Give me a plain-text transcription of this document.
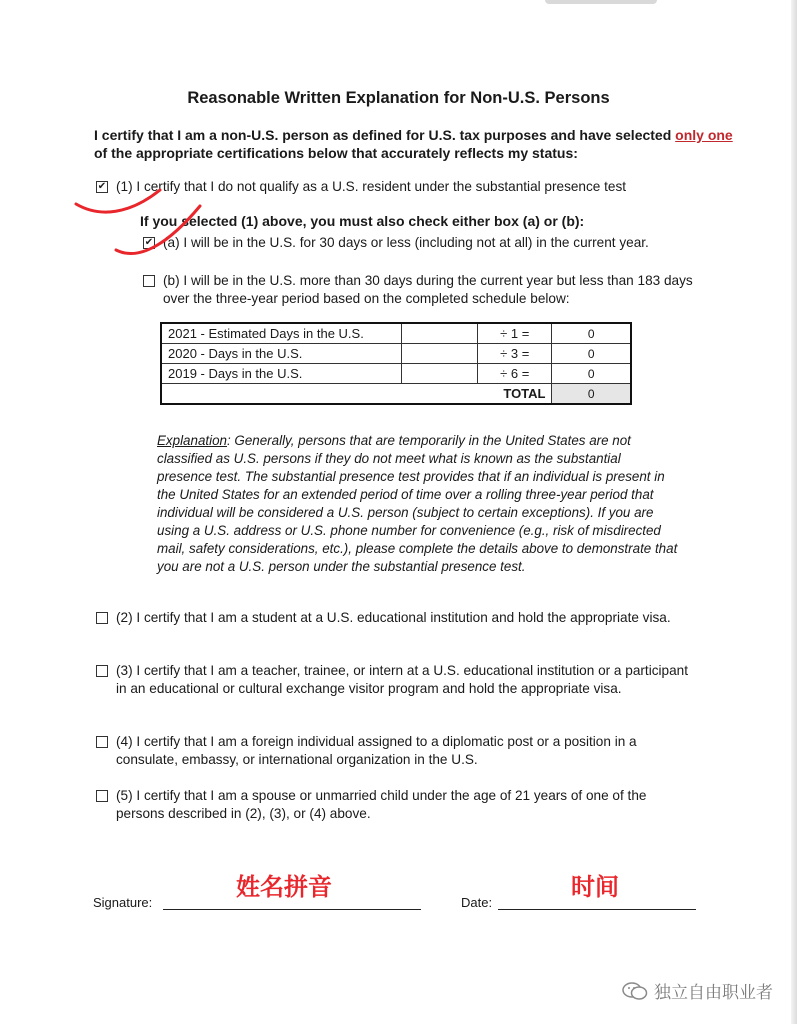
Reasonable Written Explanation for Non-U.S. Persons
I certify that I am a non-U.S. person as defined for U.S. tax purposes and have selected only one of the appropriate certifications below that accurately reflects my status:
✔ (1) I certify that I do not qualify as a U.S. resident under the substantial presence test
If you selected (1) above, you must also check either box (a) or (b):
✔ (a) I will be in the U.S. for 30 days or less (including not at all) in the current year.
(b) I will be in the U.S. more than 30 days during the current year but less than 183 days over the three-year period based on the completed schedule below:
2021 - Estimated Days in the U.S.		÷ 1 =	0
2020 - Days in the U.S.		÷ 3 =	0
2019 - Days in the U.S.		÷ 6 =	0
TOTAL			0
Explanation: Generally, persons that are temporarily in the United States are not classified as U.S. persons if they do not meet what is known as the substantial presence test. The substantial presence test provides that if an individual is present in the United States for an extended period of time over a rolling three-year period that individual will be considered a U.S. person (subject to certain exceptions). If you are using a U.S. address or U.S. phone number for convenience (e.g., risk of misdirected mail, safety considerations, etc.), please complete the details above to demonstrate that you are not a U.S. person under the substantial presence test.
(2) I certify that I am a student at a U.S. educational institution and hold the appropriate visa.
(3) I certify that I am a teacher, trainee, or intern at a U.S. educational institution or a participant in an educational or cultural exchange visitor program and hold the appropriate visa.
(4) I certify that I am a foreign individual assigned to a diplomatic post or a position in a consulate, embassy, or international organization in the U.S.
(5) I certify that I am a spouse or unmarried child under the age of 21 years of one of the persons described in (2), (3), or (4) above.
Signature:
姓名拼音
Date:
时间
独立自由职业者
